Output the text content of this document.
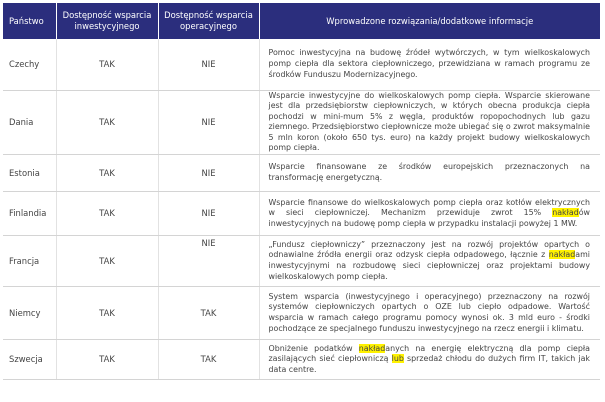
Państwo	Dostępność wsparcia inwestycyjnego	Dostępność wsparcia operacyjnego	Wprowadzone rozwiązania/dodatkowe informacje
Czechy	TAK	NIE	Pomoc inwestycyjna na budowę źródeł wytwórczych, w tym wielkoskalowych pomp ciepła dla sektora ciepłowniczego, przewidziana w ramach programu ze środków Funduszu Modernizacyjnego.
Dania	TAK	NIE	Wsparcie inwestycyjne do wielkoskalowych pomp ciepła. Wsparcie skierowane jest dla przedsiębiorstw ciepłowniczych, w których obecna produkcja ciepła pochodzi w mini-mum 5% z węgla, produktów ropopochodnych lub gazu ziemnego. Przedsiębiorstwo ciepłownicze może ubiegać się o zwrot maksymalnie 5 mln koron (około 650 tys. euro) na każdy projekt budowy wielkoskalowych pomp ciepła.
Estonia	TAK	NIE	Wsparcie finansowane ze środków europejskich przeznaczonych na transformację energetyczną.
Finlandia	TAK	NIE	Wsparcie finansowe do wielkoskalowych pomp ciepła oraz kotłów elektrycznych w sieci ciepłowniczej. Mechanizm przewiduje zwrot 15% nakładów inwestycyjnych na budowę pomp ciepła w przypadku instalacji powyżej 1 MW.
Francja	TAK	NIE	„Fundusz ciepłowniczy” przeznaczony jest na rozwój projektów opartych o odnawialne źródła energii oraz odzysk ciepła odpadowego, łącznie z nakładami inwestycyjnymi na rozbudowę sieci ciepłowniczej oraz projektami budowy wielkoskalowych pomp ciepła.
Niemcy	TAK	TAK	System wsparcia (inwestycyjnego i operacyjnego) przeznaczony na rozwój systemów ciepłowniczych opartych o OZE lub ciepło odpadowe. Wartość wsparcia w ramach całego programu pomocy wynosi ok. 3 mld euro - środki pochodzące ze specjalnego funduszu inwestycyjnego na rzecz energii i klimatu.
Szwecja	TAK	TAK	Obniżenie podatków nakładanych na energię elektryczną dla pomp ciepła zasilających sieć ciepłowniczą lub sprzedaż chłodu do dużych firm IT, takich jak data centre.
